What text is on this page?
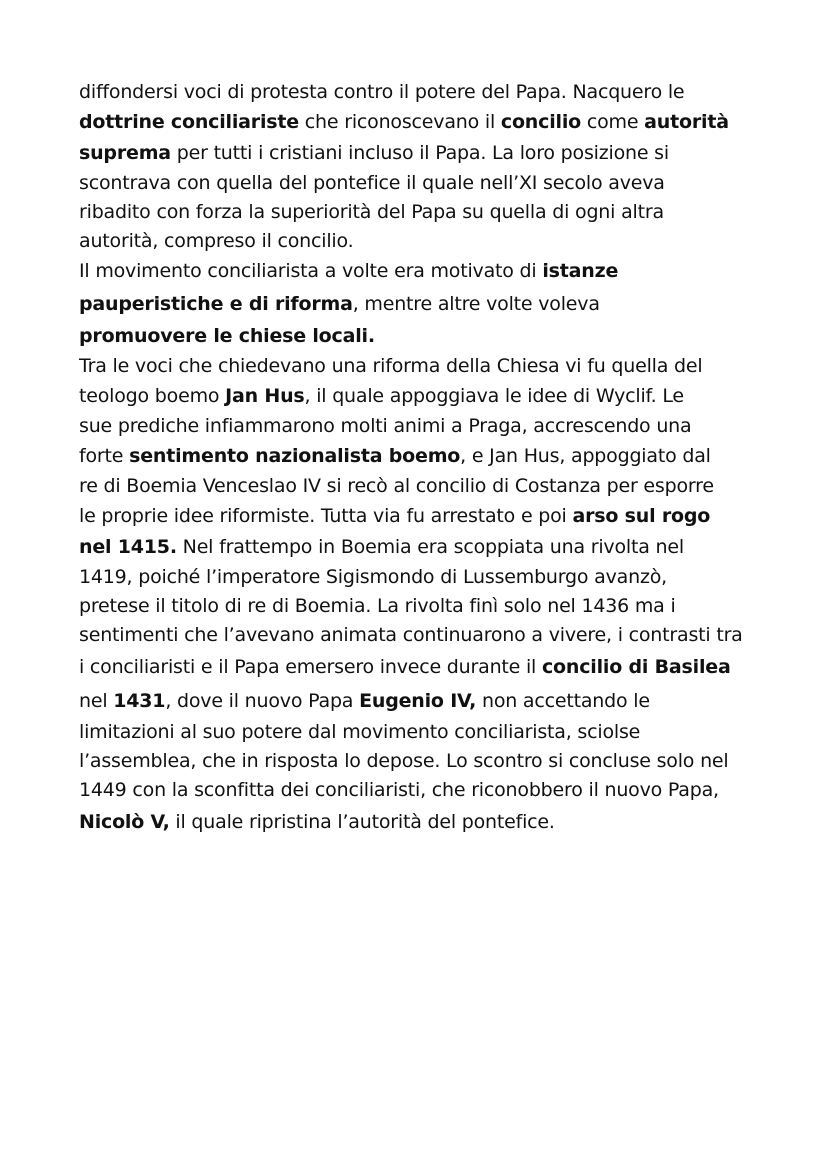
diffondersi voci di protesta contro il potere del Papa. Nacquero le
dottrine conciliariste che riconoscevano il concilio come autorità
suprema per tutti i cristiani incluso il Papa. La loro posizione si
scontrava con quella del pontefice il quale nell’XI secolo aveva
ribadito con forza la superiorità del Papa su quella di ogni altra
autorità, compreso il concilio.
Il movimento conciliarista a volte era motivato di istanze
pauperistiche e di riforma, mentre altre volte voleva
promuovere le chiese locali.
Tra le voci che chiedevano una riforma della Chiesa vi fu quella del
teologo boemo Jan Hus, il quale appoggiava le idee di Wyclif. Le
sue prediche infiammarono molti animi a Praga, accrescendo una
forte sentimento nazionalista boemo, e Jan Hus, appoggiato dal
re di Boemia Venceslao IV si recò al concilio di Costanza per esporre
le proprie idee riformiste. Tutta via fu arrestato e poi arso sul rogo
nel 1415. Nel frattempo in Boemia era scoppiata una rivolta nel
1419, poiché l’imperatore Sigismondo di Lussemburgo avanzò,
pretese il titolo di re di Boemia. La rivolta finì solo nel 1436 ma i
sentimenti che l’avevano animata continuarono a vivere, i contrasti tra
i conciliaristi e il Papa emersero invece durante il concilio di Basilea
nel 1431, dove il nuovo Papa Eugenio IV, non accettando le
limitazioni al suo potere dal movimento conciliarista, sciolse
l’assemblea, che in risposta lo depose. Lo scontro si concluse solo nel
1449 con la sconfitta dei conciliaristi, che riconobbero il nuovo Papa,
Nicolò V, il quale ripristina l’autorità del pontefice.
